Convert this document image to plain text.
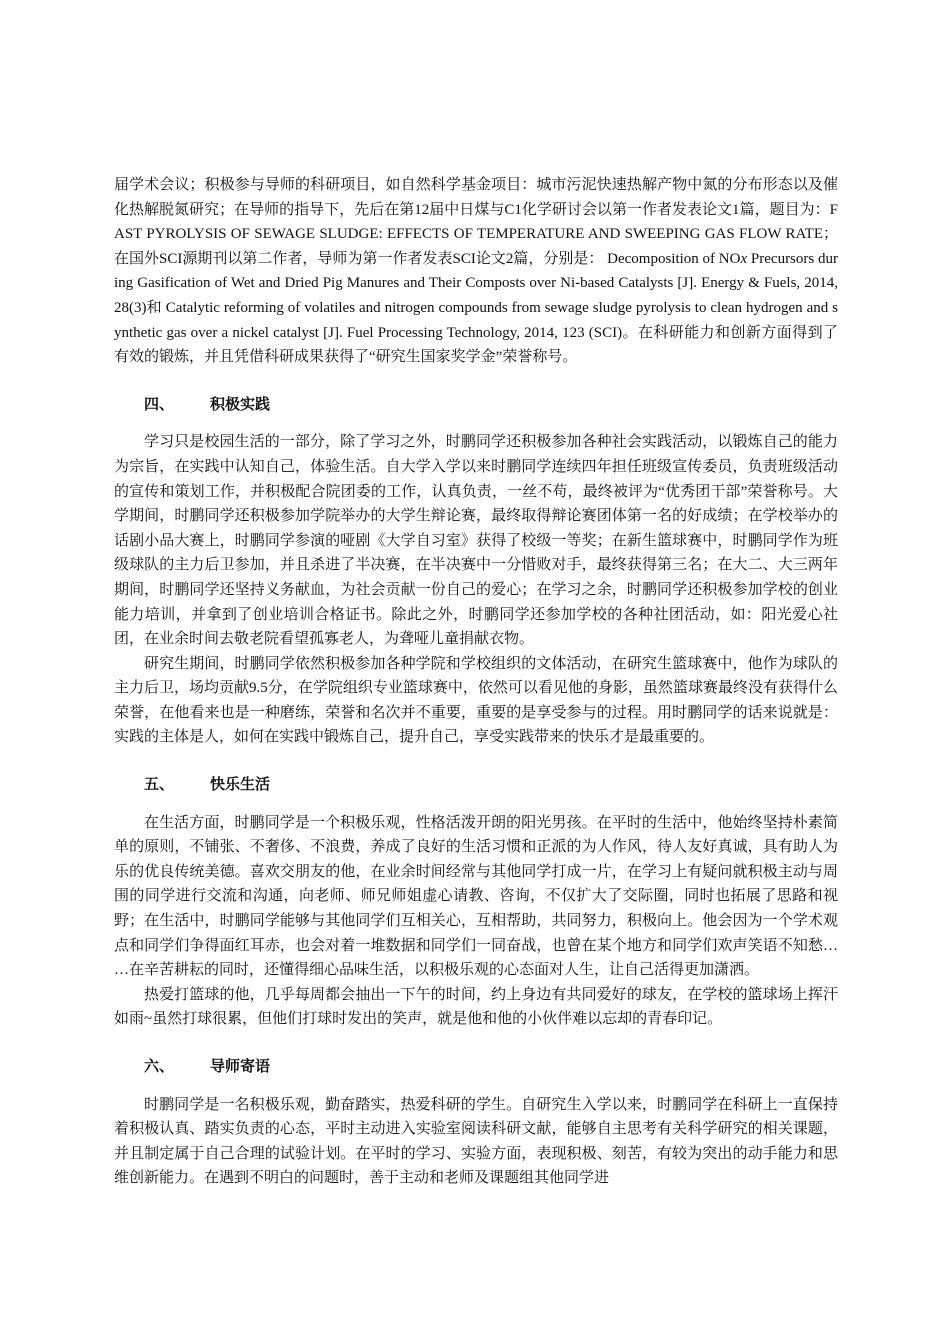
届学术会议；积极参与导师的科研项目，如自然科学基金项目：城市污泥快速热解产物中氮的分布形态以及催化热解脱氮研究；在导师的指导下，先后在第12届中日煤与C1化学研讨会以第一作者发表论文1篇，题目为：FAST PYROLYSIS OF SEWAGE SLUDGE: EFFECTS OF TEMPERATURE AND SWEEPING GAS FLOW RATE；在国外SCI源期刊以第二作者，导师为第一作者发表SCI论文2篇，分别是： Decomposition of NOx Precursors during Gasification of Wet and Dried Pig Manures and Their Composts over Ni-based Catalysts [J]. Energy & Fuels, 2014, 28(3)和 Catalytic reforming of volatiles and nitrogen compounds from sewage sludge pyrolysis to clean hydrogen and synthetic gas over a nickel catalyst [J]. Fuel Processing Technology, 2014, 123 (SCI)。在科研能力和创新方面得到了有效的锻炼，并且凭借科研成果获得了“研究生国家奖学金”荣誉称号。

四、 积极实践

学习只是校园生活的一部分，除了学习之外，时鹏同学还积极参加各种社会实践活动，以锻炼自己的能力为宗旨，在实践中认知自己，体验生活。自大学入学以来时鹏同学连续四年担任班级宣传委员，负责班级活动的宣传和策划工作，并积极配合院团委的工作，认真负责，一丝不苟，最终被评为“优秀团干部”荣誉称号。大学期间，时鹏同学还积极参加学院举办的大学生辩论赛，最终取得辩论赛团体第一名的好成绩；在学校举办的话剧小品大赛上，时鹏同学参演的哑剧《大学自习室》获得了校级一等奖；在新生篮球赛中，时鹏同学作为班级球队的主力后卫参加，并且杀进了半决赛，在半决赛中一分惜败对手，最终获得第三名；在大二、大三两年期间，时鹏同学还坚持义务献血，为社会贡献一份自己的爱心；在学习之余，时鹏同学还积极参加学校的创业能力培训，并拿到了创业培训合格证书。除此之外，时鹏同学还参加学校的各种社团活动，如：阳光爱心社团，在业余时间去敬老院看望孤寡老人，为聋哑儿童捐献衣物。

研究生期间，时鹏同学依然积极参加各种学院和学校组织的文体活动，在研究生篮球赛中，他作为球队的主力后卫，场均贡献9.5分，在学院组织专业篮球赛中，依然可以看见他的身影，虽然篮球赛最终没有获得什么荣誉，在他看来也是一种磨练，荣誉和名次并不重要，重要的是享受参与的过程。用时鹏同学的话来说就是：实践的主体是人，如何在实践中锻炼自己，提升自己，享受实践带来的快乐才是最重要的。

五、 快乐生活

在生活方面，时鹏同学是一个积极乐观，性格活泼开朗的阳光男孩。在平时的生活中，他始终坚持朴素简单的原则，不铺张、不奢侈、不浪费，养成了良好的生活习惯和正派的为人作风，待人友好真诚，具有助人为乐的优良传统美德。喜欢交朋友的他，在业余时间经常与其他同学打成一片，在学习上有疑问就积极主动与周围的同学进行交流和沟通，向老师、师兄师姐虚心请教、咨询，不仅扩大了交际圈，同时也拓展了思路和视野；在生活中，时鹏同学能够与其他同学们互相关心，互相帮助，共同努力，积极向上。他会因为一个学术观点和同学们争得面红耳赤，也会对着一堆数据和同学们一同奋战，也曾在某个地方和同学们欢声笑语不知愁… …在辛苦耕耘的同时，还懂得细心品味生活，以积极乐观的心态面对人生，让自己活得更加潇洒。

热爱打篮球的他，几乎每周都会抽出一下午的时间，约上身边有共同爱好的球友，在学校的篮球场上挥汗如雨~虽然打球很累，但他们打球时发出的笑声，就是他和他的小伙伴难以忘却的青春印记。

六、 导师寄语

时鹏同学是一名积极乐观，勤奋踏实，热爱科研的学生。自研究生入学以来，时鹏同学在科研上一直保持着积极认真、踏实负责的心态，平时主动进入实验室阅读科研文献，能够自主思考有关科学研究的相关课题，并且制定属于自己合理的试验计划。在平时的学习、实验方面，表现积极、刻苦，有较为突出的动手能力和思维创新能力。在遇到不明白的问题时，善于主动和老师及课题组其他同学进
